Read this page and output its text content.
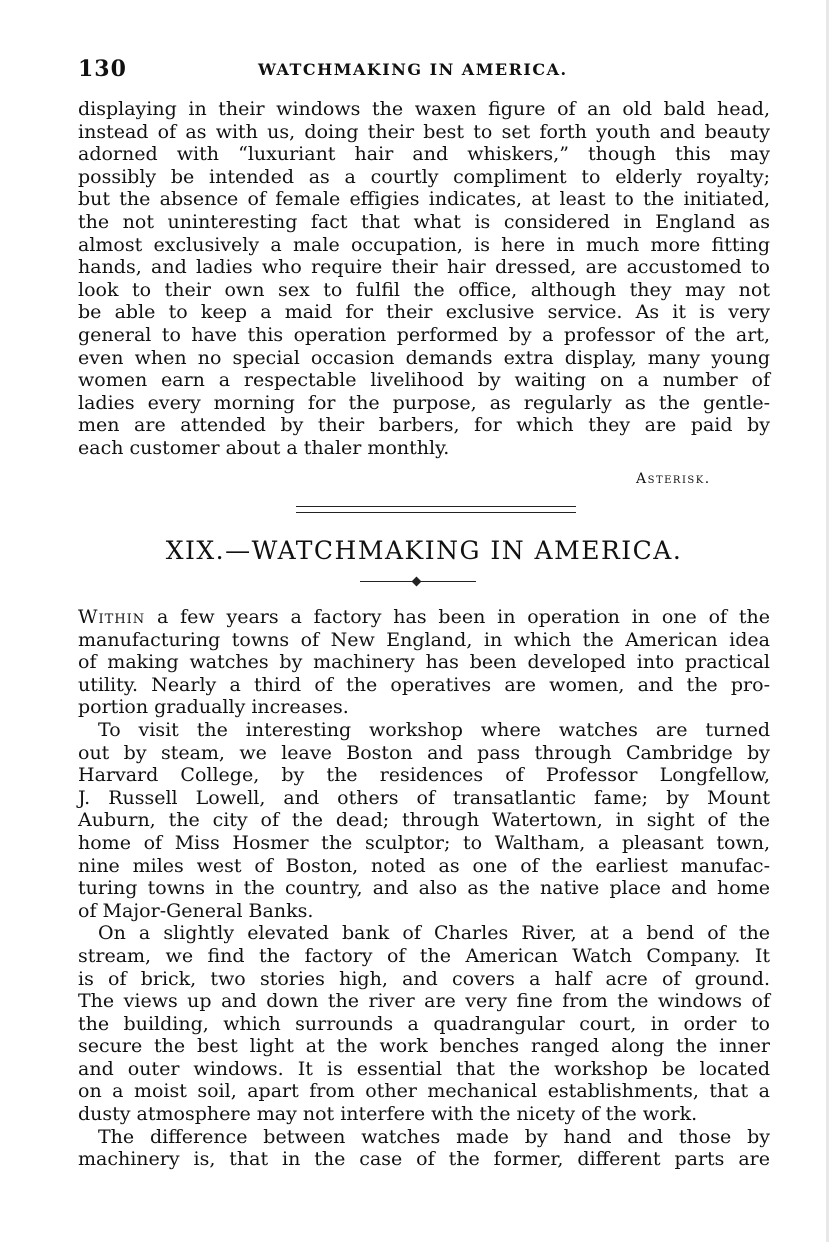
130	WATCHMAKING IN AMERICA.
displaying in their windows the waxen figure of an old bald head,
instead of as with us, doing their best to set forth youth and beauty
adorned with “luxuriant hair and whiskers,” though this may
possibly be intended as a courtly compliment to elderly royalty;
but the absence of female effigies indicates, at least to the initiated,
the not uninteresting fact that what is considered in England as
almost exclusively a male occupation, is here in much more fitting
hands, and ladies who require their hair dressed, are accustomed to
look to their own sex to fulfil the office, although they may not
be able to keep a maid for their exclusive service. As it is very
general to have this operation performed by a professor of the art,
even when no special occasion demands extra display, many young
women earn a respectable livelihood by waiting on a number of
ladies every morning for the purpose, as regularly as the gentle-
men are attended by their barbers, for which they are paid by
each customer about a thaler monthly.
Asterisk.
XIX.—WATCHMAKING IN AMERICA.
Within a few years a factory has been in operation in one of the
manufacturing towns of New England, in which the American idea
of making watches by machinery has been developed into practical
utility. Nearly a third of the operatives are women, and the pro-
portion gradually increases.
To visit the interesting workshop where watches are turned
out by steam, we leave Boston and pass through Cambridge by
Harvard College, by the residences of Professor Longfellow,
J. Russell Lowell, and others of transatlantic fame; by Mount
Auburn, the city of the dead; through Watertown, in sight of the
home of Miss Hosmer the sculptor; to Waltham, a pleasant town,
nine miles west of Boston, noted as one of the earliest manufac-
turing towns in the country, and also as the native place and home
of Major-General Banks.
On a slightly elevated bank of Charles River, at a bend of the
stream, we find the factory of the American Watch Company. It
is of brick, two stories high, and covers a half acre of ground.
The views up and down the river are very fine from the windows of
the building, which surrounds a quadrangular court, in order to
secure the best light at the work benches ranged along the inner
and outer windows. It is essential that the workshop be located
on a moist soil, apart from other mechanical establishments, that a
dusty atmosphere may not interfere with the nicety of the work.
The difference between watches made by hand and those by
machinery is, that in the case of the former, different parts are
